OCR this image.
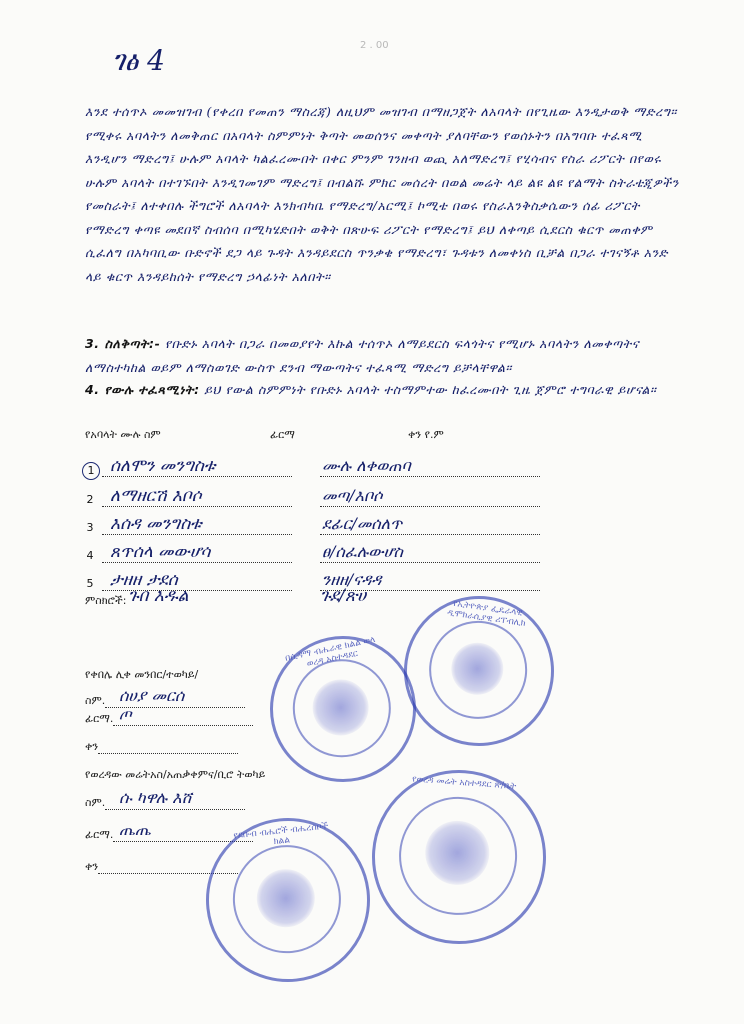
2 . 00
ገፅ 4
እንደ ተሰጥኦ መመዝገብ (የቀረበ የመጠን ማስረጃ) ለዚህም መዝገብ በማዘጋጀት ለአባላት በየጊዜው እንዲታወቅ ማድረግ። የሚቀሩ አባላትን ለመቅጠር በአባላት ስምምነት ቅጣት መወሰንና መቀጣት ያለባቸውን የወሰኑትን በአግባቡ ተፈጻሚ እንዲሆን ማድረግ፤ ሁሉም አባላት ካልፈረሙበት በቀር ምንም ገንዘብ ወጪ አለማድረግ፤ የሂሳብና የስራ ሪፖርት በየወሩ ሁሉም አባላት በተገኙበት እንዲገመገም ማድረግ፤ በብልሹ ምክር መሰረት በወል መሬት ላይ ልዩ ልዩ የልማት ስትራቴጂዎችን የመስራት፤ ለተቀበሉ ችግሮች ለአባላት እንክብካቤ የማድረግ/አርሚ፤ ኮሚቴ በወሩ የስራእንቅስቃሴውን ሰፊ ሪፖርት የማድረግ ቀጣዩ መደበኛ ስብሰባ በሚካሄድበት ወቅት በጽሁፍ ሪፖርት የማድረግ፤ ይህ ለቀጣይ ሲደርስ ቁርጥ መጠቀም ሲፈለግ በአካባቢው ቡድኖች ደጋ ላይ ጉዳት እንዳይደርስ ጥንቃቄ የማድረግ፣ ጉዳቱን ለመቀነስ ቢቻል በጋራ ተገናኝቶ አንድ ላይ ቁርጥ እንዳይከሰት የማድረግ ኃላፊነት አለበት።
3. ስለቅጣት:- የቡድኑ አባላት በጋራ በመወያየት እኩል ተሰጥኦ ለማይደርስ ፍላጎትና የሚሆኑ አባላትን ለመቀጣትና ለማስተካከል ወይም ለማስወገድ ውስጥ ደንብ ማውጣትና ተፈጻሚ ማድረግ ይቻላቸዋል።
4. የውሉ ተፈጻሚነት: ይህ የውል ስምምነት የቡድኑ አባላት ተስማምተው ከፈረሙበት ጊዜ ጀምሮ ተግባራዊ ይሆናል።
የአባላት ሙሉ ስም	ፊርማ	ቀን የ.ም
1 ሰለሞን መንግስቱ	ሙሉ ለቀወጠባ
2 ለማዘርሽ እቦሶ	መጣ/እቦሶ
3 እሰዳ መንግስቱ	ደፊር/መሰለጥ
4 ጸጥሰላ መውሆሳ	ፀ/ሰፈሉውሆስ
5 ታዘዘ ታደሰ	ንዘዘ/ናዳዳ
ምስክሮች: ጉበ እዱል	ጉደ/ጽሀ
የቀበሌ ሊቀ መንበር/ተወካይ/
ስም. ሰሀያ መርሰ
ፊርማ. ጦ
ቀን
የወረዳው መሬትአስ/አጠቃቀምና/ቢሮ ትወካይ
ስም. ሱ ካዋሉ እሸ
ፊርማ. ጤጤ
ቀን
በሲዳማ ብሔራዊ ክልል ወላ ወረዳ አስተዳደር
የኢትዮጵያ ፌዴራላዊ ዲሞክራሲያዊ ሪፐብሊክ
የደቡብ ብሔሮች ብሔረሰቦች ክልል
የወረዳ መሬት አስተዳደር ጽ/ቤት
